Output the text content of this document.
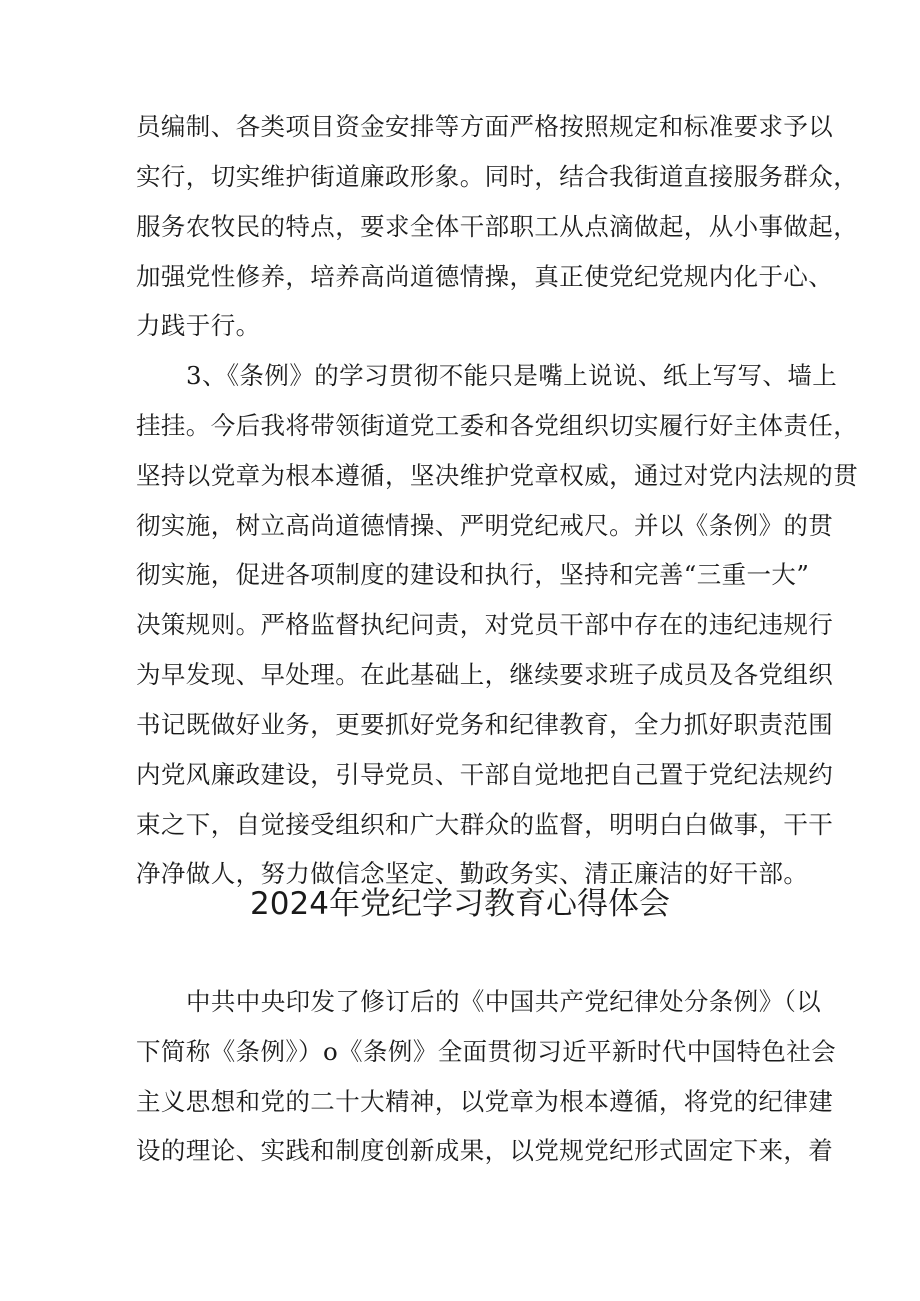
员编制、各类项目资金安排等方面严格按照规定和标准要求予以
实行，切实维护街道廉政形象。同时，结合我街道直接服务群众，
服务农牧民的特点，要求全体干部职工从点滴做起，从小事做起，
加强党性修养，培养高尚道德情操，真正使党纪党规内化于心、
力践于行。
3、《条例》的学习贯彻不能只是嘴上说说、纸上写写、墙上
挂挂。今后我将带领街道党工委和各党组织切实履行好主体责任，
坚持以党章为根本遵循，坚决维护党章权威，通过对党内法规的贯
彻实施，树立高尚道德情操、严明党纪戒尺。并以《条例》的贯
彻实施，促进各项制度的建设和执行，坚持和完善“三重一大”
决策规则。严格监督执纪问责，对党员干部中存在的违纪违规行
为早发现、早处理。在此基础上，继续要求班子成员及各党组织
书记既做好业务，更要抓好党务和纪律教育，全力抓好职责范围
内党风廉政建设，引导党员、干部自觉地把自己置于党纪法规约
束之下，自觉接受组织和广大群众的监督，明明白白做事，干干
净净做人，努力做信念坚定、勤政务实、清正廉洁的好干部。
2024年党纪学习教育心得体会
中共中央印发了修订后的《中国共产党纪律处分条例》（以
下简称《条例》）o《条例》全面贯彻习近平新时代中国特色社会
主义思想和党的二十大精神，以党章为根本遵循，将党的纪律建
设的理论、实践和制度创新成果，以党规党纪形式固定下来，着
